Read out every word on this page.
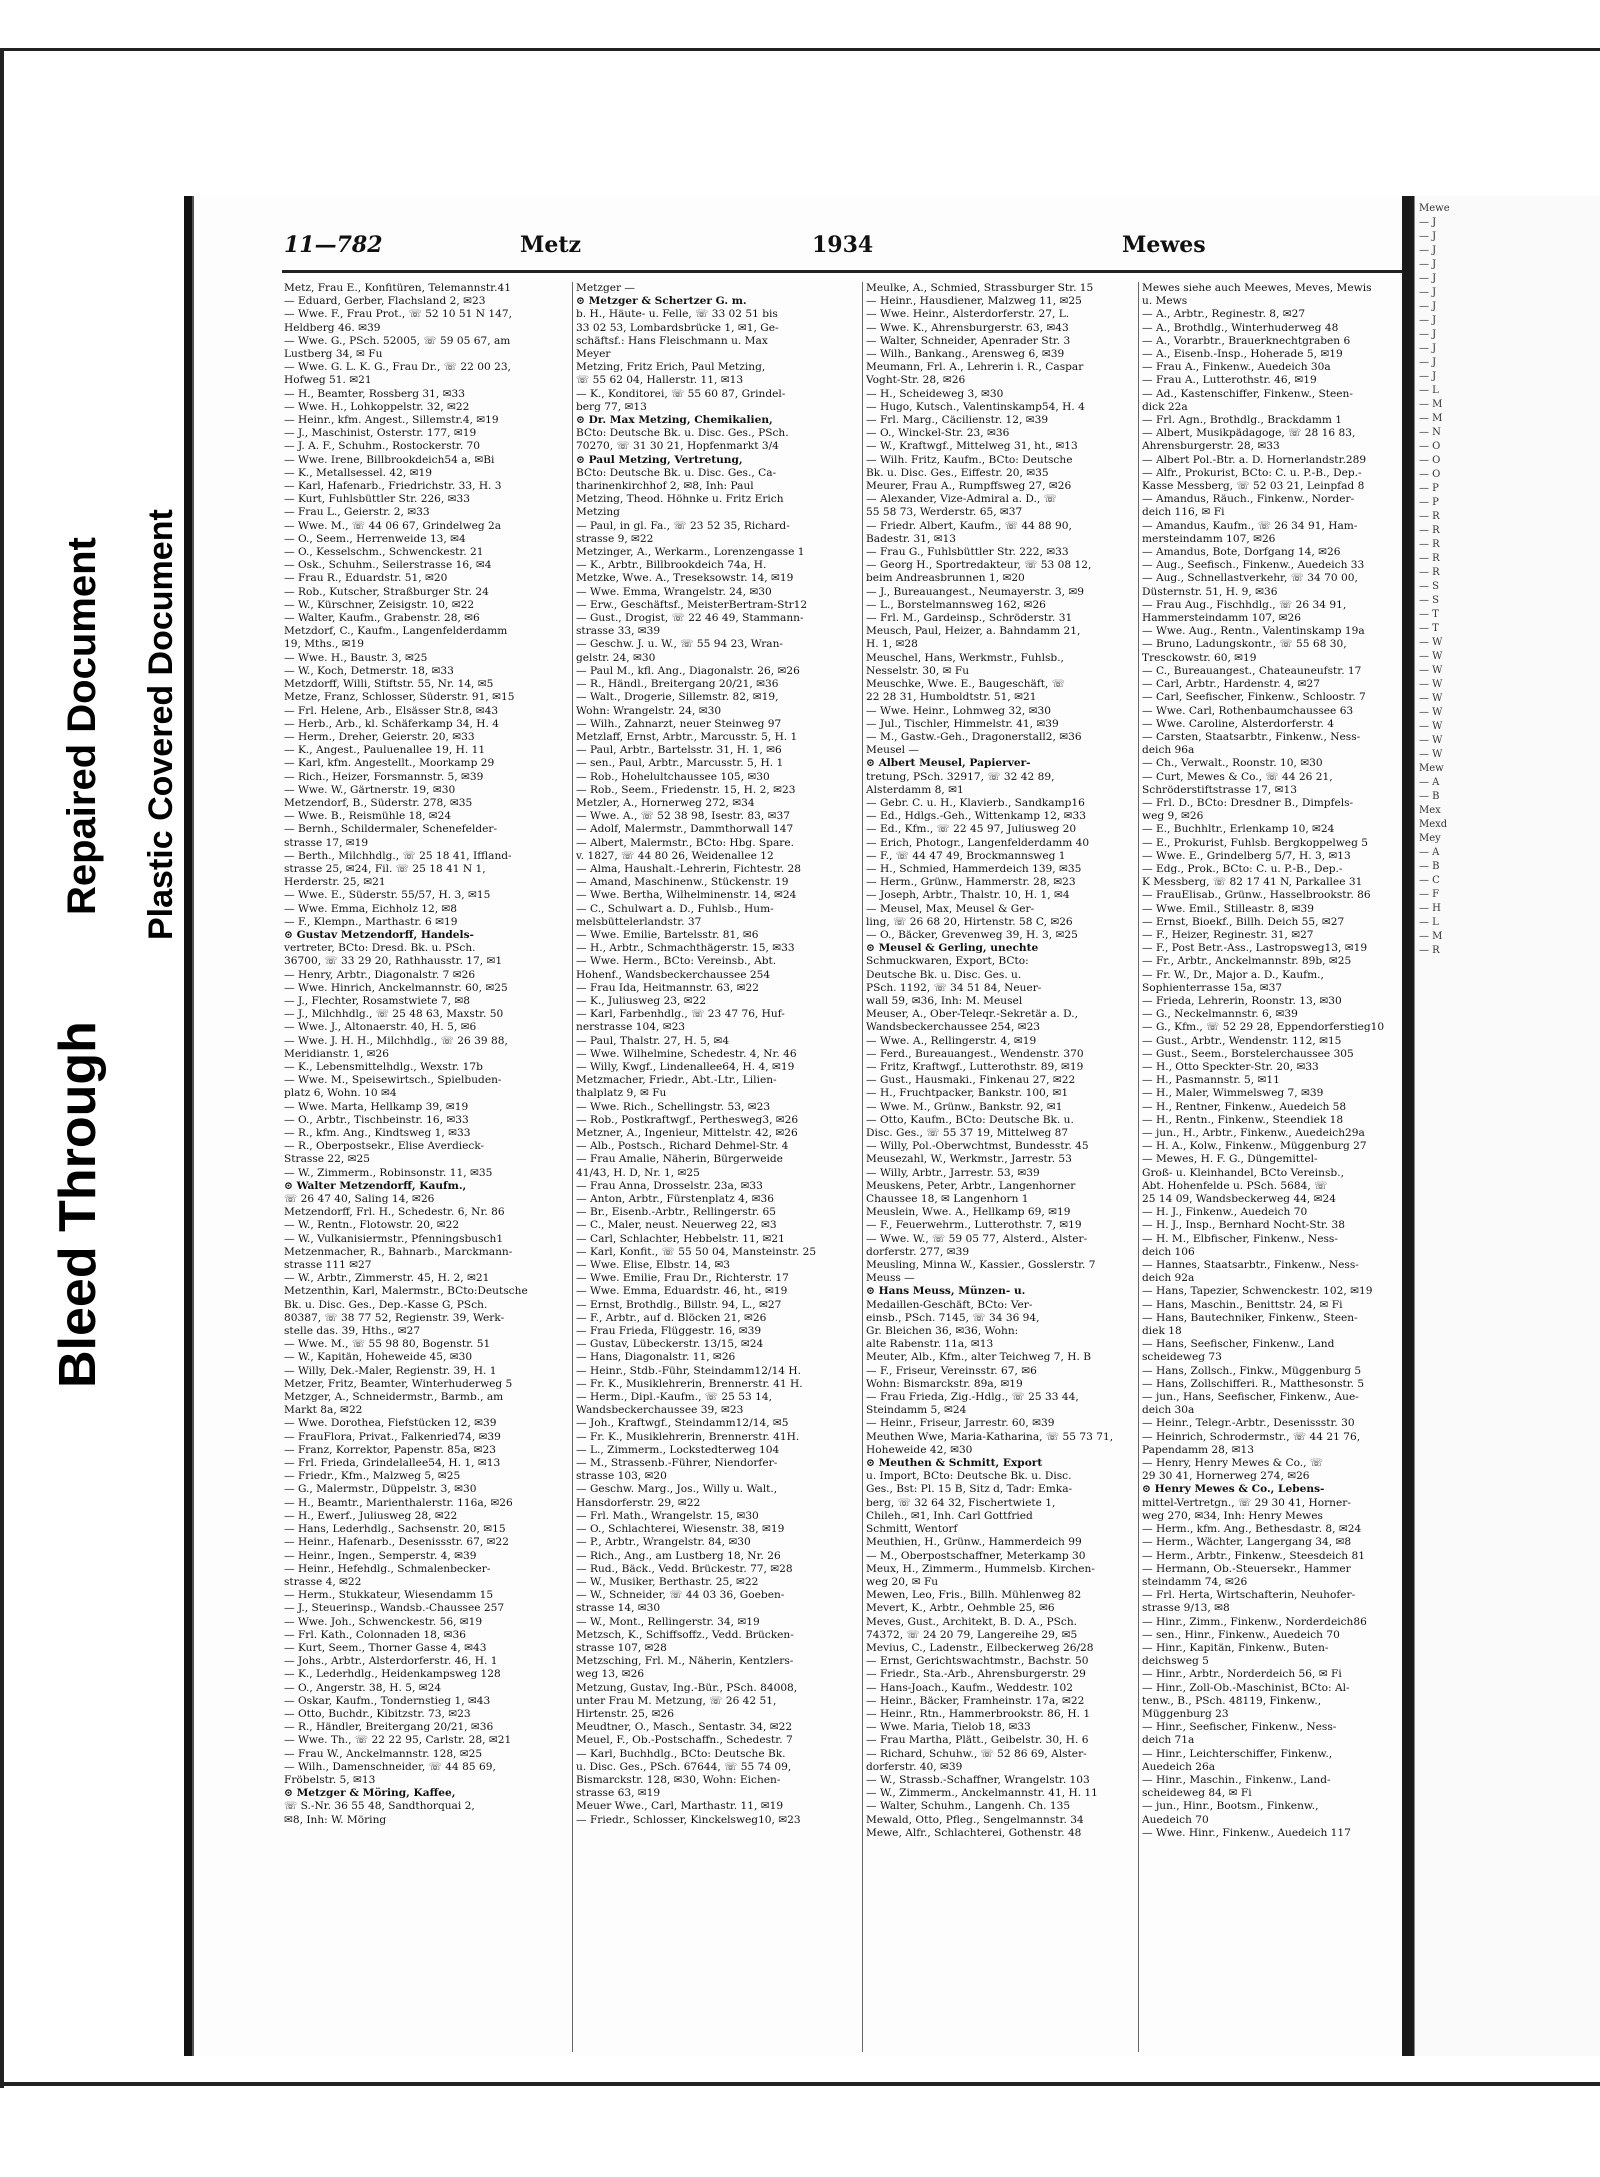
Bleed Through
Repaired Document Plastic Covered Document
11—782	Metz	1934	Mewes
Metz, Frau E., Konfitüren, Telemannstr.41
— Eduard, Gerber, Flachsland 2, ✉23
— Wwe. F., Frau Prot., ☏ 52 10 51 N 147,
Heldberg 46. ✉39
— Wwe. G., PSch. 52005, ☏ 59 05 67, am
Lustberg 34, ✉ Fu
— Wwe. G. L. K. G., Frau Dr., ☏ 22 00 23,
Hofweg 51. ✉21
— H., Beamter, Rossberg 31, ✉33
— Wwe. H., Lohkoppelstr. 32, ✉22
— Heinr., kfm. Angest., Sillemstr.4, ✉19
— J., Maschinist, Osterstr. 177, ✉19
— J. A. F., Schuhm., Rostockerstr. 70
— Wwe. Irene, Billbrookdeich54 a, ✉Bi
— K., Metallsessel. 42, ✉19
— Karl, Hafenarb., Friedrichstr. 33, H. 3
— Kurt, Fuhlsbüttler Str. 226, ✉33
— Frau L., Geierstr. 2, ✉33
— Wwe. M., ☏ 44 06 67, Grindelweg 2a
— O., Seem., Herrenweide 13, ✉4
— O., Kesselschm., Schwenckestr. 21
— Osk., Schuhm., Seilerstrasse 16, ✉4
— Frau R., Eduardstr. 51, ✉20
— Rob., Kutscher, Straßburger Str. 24
— W., Kürschner, Zeisigstr. 10, ✉22
— Walter, Kaufm., Grabenstr. 28, ✉6
Metzdorf, C., Kaufm., Langenfelderdamm
19, Mths., ✉19
— Wwe. H., Baustr. 3, ✉25
— W., Koch, Detmerstr. 18, ✉33
Metzdorff, Willi, Stiftstr. 55, Nr. 14, ✉5
Metze, Franz, Schlosser, Süderstr. 91, ✉15
— Frl. Helene, Arb., Elsässer Str.8, ✉43
— Herb., Arb., kl. Schäferkamp 34, H. 4
— Herm., Dreher, Geierstr. 20, ✉33
— K., Angest., Pauluenallee 19, H. 11
— Karl, kfm. Angestellt., Moorkamp 29
— Rich., Heizer, Forsmannstr. 5, ✉39
— Wwe. W., Gärtnerstr. 19, ✉30
Metzendorf, B., Süderstr. 278, ✉35
— Wwe. B., Reismühle 18, ✉24
— Bernh., Schildermaler, Schenefelder-
strasse 17, ✉19
— Berth., Milchhdlg., ☏ 25 18 41, Iffland-
strasse 25, ✉24, Fil. ☏ 25 18 41 N 1,
Herderstr. 25, ✉21
— Wwe. E., Süderstr. 55/57, H. 3, ✉15
— Wwe. Emma, Eichholz 12, ✉8
— F., Klempn., Marthastr. 6 ✉19
⊙ Gustav Metzendorff, Handels-
vertreter, BCto: Dresd. Bk. u. PSch.
36700, ☏ 33 29 20, Rathhausstr. 17, ✉1
— Henry, Arbtr., Diagonalstr. 7 ✉26
— Wwe. Hinrich, Anckelmannstr. 60, ✉25
— J., Flechter, Rosamstwiete 7, ✉8
— J., Milchhdlg., ☏ 25 48 63, Maxstr. 50
— Wwe. J., Altonaerstr. 40, H. 5, ✉6
— Wwe. J. H. H., Milchhdlg., ☏ 26 39 88,
Meridianstr. 1, ✉26
— K., Lebensmittelhdlg., Wexstr. 17b
— Wwe. M., Speisewirtsch., Spielbuden-
platz 6, Wohn. 10 ✉4
— Wwe. Marta, Hellkamp 39, ✉19
— O., Arbtr., Tischbeinstr. 16, ✉33
— R., kfm. Ang., Kindtsweg 1, ✉33
— R., Oberpostsekr., Elise Averdieck-
Strasse 22, ✉25
— W., Zimmerm., Robinsonstr. 11, ✉35
⊙ Walter Metzendorff, Kaufm.,
☏ 26 47 40, Saling 14, ✉26
Metzendorff, Frl. H., Schedestr. 6, Nr. 86
— W., Rentn., Flotowstr. 20, ✉22
— W., Vulkanisiermstr., Pfenningsbusch1
Metzenmacher, R., Bahnarb., Marckmann-
strasse 111 ✉27
— W., Arbtr., Zimmerstr. 45, H. 2, ✉21
Metzenthin, Karl, Malermstr., BCto:Deutsche
Bk. u. Disc. Ges., Dep.-Kasse G, PSch.
80387, ☏ 38 77 52, Regienstr. 39, Werk-
stelle das. 39, Hths., ✉27
— Wwe. M., ☏ 55 98 80, Bogenstr. 51
— W., Kapitän, Hoheweide 45, ✉30
— Willy, Dek.-Maler, Regienstr. 39, H. 1
Metzer, Fritz, Beamter, Winterhuderweg 5
Metzger, A., Schneidermstr., Barmb., am
Markt 8a, ✉22
— Wwe. Dorothea, Fiefstücken 12, ✉39
— FrauFlora, Privat., Falkenried74, ✉39
— Franz, Korrektor, Papenstr. 85a, ✉23
— Frl. Frieda, Grindelallee54, H. 1, ✉13
— Friedr., Kfm., Malzweg 5, ✉25
— G., Malermstr., Düppelstr. 3, ✉30
— H., Beamtr., Marienthalerstr. 116a, ✉26
— H., Ewerf., Juliusweg 28, ✉22
— Hans, Lederhdlg., Sachsenstr. 20, ✉15
— Heinr., Hafenarb., Desenissstr. 67, ✉22
— Heinr., Ingen., Semperstr. 4, ✉39
— Heinr., Hefehdlg., Schmalenbecker-
strasse 4, ✉22
— Herm., Stukkateur, Wiesendamm 15
— J., Steuerinsp., Wandsb.-Chaussee 257
— Wwe. Joh., Schwenckestr. 56, ✉19
— Frl. Kath., Colonnaden 18, ✉36
— Kurt, Seem., Thorner Gasse 4, ✉43
— Johs., Arbtr., Alsterdorferstr. 46, H. 1
— K., Lederhdlg., Heidenkampsweg 128
— O., Angerstr. 38, H. 5, ✉24
— Oskar, Kaufm., Tondernstieg 1, ✉43
— Otto, Buchdr., Kibitzstr. 73, ✉23
— R., Händler, Breitergang 20/21, ✉36
— Wwe. Th., ☏ 22 22 95, Carlstr. 28, ✉21
— Frau W., Anckelmannstr. 128, ✉25
— Wilh., Damenschneider, ☏ 44 85 69,
Fröbelstr. 5, ✉13
⊙ Metzger & Möring, Kaffee,
☏ S.-Nr. 36 55 48, Sandthorquai 2,
✉8, Inh: W. Möring
Metzger —
⊙ Metzger & Schertzer G. m.
b. H., Häute- u. Felle, ☏ 33 02 51 bis
33 02 53, Lombardsbrücke 1, ✉1, Ge-
schäftsf.: Hans Fleischmann u. Max
Meyer
Metzing, Fritz Erich, Paul Metzing,
☏ 55 62 04, Hallerstr. 11, ✉13
— K., Konditorei, ☏ 55 60 87, Grindel-
berg 77, ✉13
⊙ Dr. Max Metzing, Chemikalien,
BCto: Deutsche Bk. u. Disc. Ges., PSch.
70270, ☏ 31 30 21, Hopfenmarkt 3/4
⊙ Paul Metzing, Vertretung,
BCto: Deutsche Bk. u. Disc. Ges., Ca-
tharinenkirchhof 2, ✉8, Inh: Paul
Metzing, Theod. Höhnke u. Fritz Erich
Metzing
— Paul, in gl. Fa., ☏ 23 52 35, Richard-
strasse 9, ✉22
Metzinger, A., Werkarm., Lorenzengasse 1
— K., Arbtr., Billbrookdeich 74a, H.
Metzke, Wwe. A., Treseksowstr. 14, ✉19
— Wwe. Emma, Wrangelstr. 24, ✉30
— Erw., Geschäftsf., MeisterBertram-Str12
— Gust., Drogist, ☏ 22 46 49, Stammann-
strasse 33, ✉39
— Geschw. J. u. W., ☏ 55 94 23, Wran-
gelstr. 24, ✉30
— Paul M., kfl. Ang., Diagonalstr. 26, ✉26
— R., Händl., Breitergang 20/21, ✉36
— Walt., Drogerie, Sillemstr. 82, ✉19,
Wohn: Wrangelstr. 24, ✉30
— Wilh., Zahnarzt, neuer Steinweg 97
Metzlaff, Ernst, Arbtr., Marcusstr. 5, H. 1
— Paul, Arbtr., Bartelsstr. 31, H. 1, ✉6
— sen., Paul, Arbtr., Marcusstr. 5, H. 1
— Rob., Hohelultchaussee 105, ✉30
— Rob., Seem., Friedenstr. 15, H. 2, ✉23
Metzler, A., Hornerweg 272, ✉34
— Wwe. A., ☏ 52 38 98, Isestr. 83, ✉37
— Adolf, Malermstr., Dammthorwall 147
— Albert, Malermstr., BCto: Hbg. Spare.
v. 1827, ☏ 44 80 26, Weidenallee 12
— Alma, Haushalt.-Lehrerin, Fichtestr. 28
— Amand, Maschinenw., Stückenstr. 19
— Wwe. Bertha, Wilhelminenstr. 14, ✉24
— C., Schulwart a. D., Fuhlsb., Hum-
melsbüttelerlandstr. 37
— Wwe. Emilie, Bartelsstr. 81, ✉6
— H., Arbtr., Schmachthägerstr. 15, ✉33
— Wwe. Herm., BCto: Vereinsb., Abt.
Hohenf., Wandsbeckerchaussee 254
— Frau Ida, Heitmannstr. 63, ✉22
— K., Juliusweg 23, ✉22
— Karl, Farbenhdlg., ☏ 23 47 76, Huf-
nerstrasse 104, ✉23
— Paul, Thalstr. 27, H. 5, ✉4
— Wwe. Wilhelmine, Schedestr. 4, Nr. 46
— Willy, Kwgf., Lindenallee64, H. 4, ✉19
Metzmacher, Friedr., Abt.-Ltr., Lilien-
thalplatz 9, ✉ Fu
— Wwe. Rich., Schellingstr. 53, ✉23
— Rob., Postkraftwgf., Perthesweg3, ✉26
Metzner, A., Ingenieur, Mittelstr. 42, ✉26
— Alb., Postsch., Richard Dehmel-Str. 4
— Frau Amalie, Näherin, Bürgerweide
41/43, H. D, Nr. 1, ✉25
— Frau Anna, Drosselstr. 23a, ✉33
— Anton, Arbtr., Fürstenplatz 4, ✉36
— Br., Eisenb.-Arbtr., Rellingerstr. 65
— C., Maler, neust. Neuerweg 22, ✉3
— Carl, Schlachter, Hebbelstr. 11, ✉21
— Karl, Konfit., ☏ 55 50 04, Mansteinstr. 25
— Wwe. Elise, Elbstr. 14, ✉3
— Wwe. Emilie, Frau Dr., Richterstr. 17
— Wwe. Emma, Eduardstr. 46, ht., ✉19
— Ernst, Brothdlg., Billstr. 94, L., ✉27
— F., Arbtr., auf d. Blöcken 21, ✉26
— Frau Frieda, Flüggestr. 16, ✉39
— Gustav, Lübeckerstr. 13/15, ✉24
— Hans, Diagonalstr. 11, ✉26
— Heinr., Stdb.-Führ, Steindamm12/14 H.
— Fr. K., Musiklehrerin, Brennerstr. 41 H.
— Herm., Dipl.-Kaufm., ☏ 25 53 14,
Wandsbeckerchaussee 39, ✉23
— Joh., Kraftwgf., Steindamm12/14, ✉5
— Fr. K., Musiklehrerin, Brennerstr. 41H.
— L., Zimmerm., Lockstedterweg 104
— M., Strassenb.-Führer, Niendorfer-
strasse 103, ✉20
— Geschw. Marg., Jos., Willy u. Walt.,
Hansdorferstr. 29, ✉22
— Frl. Math., Wrangelstr. 15, ✉30
— O., Schlachterei, Wiesenstr. 38, ✉19
— P., Arbtr., Wrangelstr. 84, ✉30
— Rich., Ang., am Lustberg 18, Nr. 26
— Rud., Bäck., Vedd. Brückestr. 77, ✉28
— W., Musiker, Berthastr. 25, ✉22
— W., Schneider, ☏ 44 03 36, Goeben-
strasse 14, ✉30
— W., Mont., Rellingerstr. 34, ✉19
Metzsch, K., Schiffsoffz., Vedd. Brücken-
strasse 107, ✉28
Metzsching, Frl. M., Näherin, Kentzlers-
weg 13, ✉26
Metzung, Gustav, Ing.-Bür., PSch. 84008,
unter Frau M. Metzung, ☏ 26 42 51,
Hirtenstr. 25, ✉26
Meudtner, O., Masch., Sentastr. 34, ✉22
Meuel, F., Ob.-Postschaffn., Schedestr. 7
— Karl, Buchhdlg., BCto: Deutsche Bk.
u. Disc. Ges., PSch. 67644, ☏ 55 74 09,
Bismarckstr. 128, ✉30, Wohn: Eichen-
strasse 63, ✉19
Meuer Wwe., Carl, Marthastr. 11, ✉19
— Friedr., Schlosser, Kinckelsweg10, ✉23
Meulke, A., Schmied, Strassburger Str. 15
— Heinr., Hausdiener, Malzweg 11, ✉25
— Wwe. Heinr., Alsterdorferstr. 27, L.
— Wwe. K., Ahrensburgerstr. 63, ✉43
— Walter, Schneider, Apenrader Str. 3
— Wilh., Bankang., Arensweg 6, ✉39
Meumann, Frl. A., Lehrerin i. R., Caspar
Voght-Str. 28, ✉26
— H., Scheideweg 3, ✉30
— Hugo, Kutsch., Valentinskamp54, H. 4
— Frl. Marg., Cäcilienstr. 12, ✉39
— O., Winckel-Str. 23, ✉36
— W., Kraftwgf., Mittelweg 31, ht., ✉13
— Wilh. Fritz, Kaufm., BCto: Deutsche
Bk. u. Disc. Ges., Eiffestr. 20, ✉35
Meurer, Frau A., Rumpffsweg 27, ✉26
— Alexander, Vize-Admiral a. D., ☏
55 58 73, Werderstr. 65, ✉37
— Friedr. Albert, Kaufm., ☏ 44 88 90,
Badestr. 31, ✉13
— Frau G., Fuhlsbüttler Str. 222, ✉33
— Georg H., Sportredakteur, ☏ 53 08 12,
beim Andreasbrunnen 1, ✉20
— J., Bureauangest., Neumayerstr. 3, ✉9
— L., Borstelmannsweg 162, ✉26
— Frl. M., Gardeinsp., Schröderstr. 31
Meusch, Paul, Heizer, a. Bahndamm 21,
H. 1, ✉28
Meuschel, Hans, Werkmstr., Fuhlsb.,
Nesselstr. 30, ✉ Fu
Meuschke, Wwe. E., Baugeschäft, ☏
22 28 31, Humboldtstr. 51, ✉21
— Wwe. Heinr., Lohmweg 32, ✉30
— Jul., Tischler, Himmelstr. 41, ✉39
— M., Gastw.-Geh., Dragonerstall2, ✉36
Meusel —
⊙ Albert Meusel, Papierver-
tretung, PSch. 32917, ☏ 32 42 89,
Alsterdamm 8, ✉1
— Gebr. C. u. H., Klavierb., Sandkamp16
— Ed., Hdlgs.-Geh., Wittenkamp 12, ✉33
— Ed., Kfm., ☏ 22 45 97, Juliusweg 20
— Erich, Photogr., Langenfelderdamm 40
— F., ☏ 44 47 49, Brockmannsweg 1
— H., Schmied, Hammerdeich 139, ✉35
— Herm., Grünw., Hammerstr. 28, ✉23
— Joseph, Arbtr., Thalstr. 10, H. 1, ✉4
— Meusel, Max, Meusel & Ger-
ling, ☏ 26 68 20, Hirtenstr. 58 C, ✉26
— O., Bäcker, Grevenweg 39, H. 3, ✉25
⊙ Meusel & Gerling, unechte
Schmuckwaren, Export, BCto:
Deutsche Bk. u. Disc. Ges. u.
PSch. 1192, ☏ 34 51 84, Neuer-
wall 59, ✉36, Inh: M. Meusel
Meuser, A., Ober-Teleqr.-Sekretär a. D.,
Wandsbeckerchaussee 254, ✉23
— Wwe. A., Rellingerstr. 4, ✉19
— Ferd., Bureauangest., Wendenstr. 370
— Fritz, Kraftwgf., Lutterothstr. 89, ✉19
— Gust., Hausmaki., Finkenau 27, ✉22
— H., Fruchtpacker, Bankstr. 100, ✉1
— Wwe. M., Grünw., Bankstr. 92, ✉1
— Otto, Kaufm., BCto: Deutsche Bk. u.
Disc. Ges., ☏ 55 37 19, Mittelweg 87
— Willy, Pol.-Oberwchtmst, Bundesstr. 45
Meusezahl, W., Werkmstr., Jarrestr. 53
— Willy, Arbtr., Jarrestr. 53, ✉39
Meuskens, Peter, Arbtr., Langenhorner
Chaussee 18, ✉ Langenhorn 1
Meuslein, Wwe. A., Hellkamp 69, ✉19
— F., Feuerwehrm., Lutterothstr. 7, ✉19
— Wwe. W., ☏ 59 05 77, Alsterd., Alster-
dorferstr. 277, ✉39
Meusling, Minna W., Kassier., Gosslerstr. 7
Meuss —
⊙ Hans Meuss, Münzen- u.
Medaillen-Geschäft, BCto: Ver-
einsb., PSch. 7145, ☏ 34 36 94,
Gr. Bleichen 36, ✉36, Wohn:
alte Rabenstr. 11a, ✉13
Meuter, Alb., Kfm., alter Teichweg 7, H. B
— F., Friseur, Vereinsstr. 67, ✉6
Wohn: Bismarckstr. 89a, ✉19
— Frau Frieda, Zig.-Hdlg., ☏ 25 33 44,
Steindamm 5, ✉24
— Heinr., Friseur, Jarrestr. 60, ✉39
Meuthen Wwe, Maria-Katharina, ☏ 55 73 71,
Hoheweide 42, ✉30
⊙ Meuthen & Schmitt, Export
u. Import, BCto: Deutsche Bk. u. Disc.
Ges., Bst: Pl. 15 B, Sitz d, Tadr: Emka-
berg, ☏ 32 64 32, Fischertwiete 1,
Chileh., ✉1, Inh. Carl Gottfried
Schmitt, Wentorf
Meuthien, H., Grünw., Hammerdeich 99
— M., Oberpostschaffner, Meterkamp 30
Meux, H., Zimmerm., Hummelsb. Kirchen-
weg 20, ✉ Fu
Mewen, Leo, Fris., Billh. Mühlenweg 82
Mevert, K., Arbtr., Oehmble 25, ✉6
Meves, Gust., Architekt, B. D. A., PSch.
74372, ☏ 24 20 79, Langereihe 29, ✉5
Mevius, C., Ladenstr., Eilbeckerweg 26/28
— Ernst, Gerichtswachtmstr., Bachstr. 50
— Friedr., Sta.-Arb., Ahrensburgerstr. 29
— Hans-Joach., Kaufm., Weddestr. 102
— Heinr., Bäcker, Framheinstr. 17a, ✉22
— Heinr., Rtn., Hammerbrookstr. 86, H. 1
— Wwe. Maria, Tielob 18, ✉33
— Frau Martha, Plätt., Geibelstr. 30, H. 6
— Richard, Schuhw., ☏ 52 86 69, Alster-
dorferstr. 40, ✉39
— W., Strassb.-Schaffner, Wrangelstr. 103
— W., Zimmerm., Anckelmannstr. 41, H. 11
— Walter, Schuhm., Langenh. Ch. 135
Mewald, Otto, Pfleg., Sengelmannstr. 34
Mewe, Alfr., Schlachterei, Gothenstr. 48
Mewes siehe auch Meewes, Meves, Mewis
u. Mews
— A., Arbtr., Reginestr. 8, ✉27
— A., Brothdlg., Winterhuderweg 48
— A., Vorarbtr., Brauerknechtgraben 6
— A., Eisenb.-Insp., Hoherade 5, ✉19
— Frau A., Finkenw., Auedeich 30a
— Frau A., Lutterothstr. 46, ✉19
— Ad., Kastenschiffer, Finkenw., Steen-
dick 22a
— Frl. Agn., Brothdlg., Brackdamm 1
— Albert, Musikpädagoge, ☏ 28 16 83,
Ahrensburgerstr. 28, ✉33
— Albert Pol.-Btr. a. D. Hornerlandstr.289
— Alfr., Prokurist, BCto: C. u. P.-B., Dep.-
Kasse Messberg, ☏ 52 03 21, Leinpfad 8
— Amandus, Räuch., Finkenw., Norder-
deich 116, ✉ Fi
— Amandus, Kaufm., ☏ 26 34 91, Ham-
mersteindamm 107, ✉26
— Amandus, Bote, Dorfgang 14, ✉26
— Aug., Seefisch., Finkenw., Auedeich 33
— Aug., Schnellastverkehr, ☏ 34 70 00,
Düsternstr. 51, H. 9, ✉36
— Frau Aug., Fischhdlg., ☏ 26 34 91,
Hammersteindamm 107, ✉26
— Wwe. Aug., Rentn., Valentinskamp 19a
— Bruno, Ladungskontr., ☏ 55 68 30,
Tresckowstr. 60, ✉19
— C., Bureauangest., Chateauneufstr. 17
— Carl, Arbtr., Hardenstr. 4, ✉27
— Carl, Seefischer, Finkenw., Schloostr. 7
— Wwe. Carl, Rothenbaumchaussee 63
— Wwe. Caroline, Alsterdorferstr. 4
— Carsten, Staatsarbtr., Finkenw., Ness-
deich 96a
— Ch., Verwalt., Roonstr. 10, ✉30
— Curt, Mewes & Co., ☏ 44 26 21,
Schröderstiftstrasse 17, ✉13
— Frl. D., BCto: Dresdner B., Dimpfels-
weg 9, ✉26
— E., Buchhltr., Erlenkamp 10, ✉24
— E., Prokurist, Fuhlsb. Bergkoppelweg 5
— Wwe. E., Grindelberg 5/7, H. 3, ✉13
— Edg., Prok., BCto: C. u. P.-B., Dep.-
K Messberg, ☏ 82 17 41 N, Parkallee 31
— FrauElisab., Grünw., Hasselbrookstr. 86
— Wwe. Emil., Stilleastr. 8, ✉39
— Ernst, Bioekf., Billh. Deich 55, ✉27
— F., Heizer, Reginestr. 31, ✉27
— F., Post Betr.-Ass., Lastropsweg13, ✉19
— Fr., Arbtr., Anckelmannstr. 89b, ✉25
— Fr. W., Dr., Major a. D., Kaufm.,
Sophienterrasse 15a, ✉37
— Frieda, Lehrerin, Roonstr. 13, ✉30
— G., Neckelmannstr. 6, ✉39
— G., Kfm., ☏ 52 29 28, Eppendorferstieg10
— Gust., Arbtr., Wendenstr. 112, ✉15
— Gust., Seem., Borstelerchaussee 305
— H., Otto Speckter-Str. 20, ✉33
— H., Pasmannstr. 5, ✉11
— H., Maler, Wimmelsweg 7, ✉39
— H., Rentner, Finkenw., Auedeich 58
— H., Rentn., Finkenw., Steendiek 18
— jun., H., Arbtr., Finkenw., Auedeich29a
— H. A., Kolw., Finkenw., Müggenburg 27
— Mewes, H. F. G., Düngemittel-
Groß- u. Kleinhandel, BCto Vereinsb.,
Abt. Hohenfelde u. PSch. 5684, ☏
25 14 09, Wandsbeckerweg 44, ✉24
— H. J., Finkenw., Auedeich 70
— H. J., Insp., Bernhard Nocht-Str. 38
— H. M., Elbfischer, Finkenw., Ness-
deich 106
— Hannes, Staatsarbtr., Finkenw., Ness-
deich 92a
— Hans, Tapezier, Schwenckestr. 102, ✉19
— Hans, Maschin., Benittstr. 24, ✉ Fi
— Hans, Bautechniker, Finkenw., Steen-
diek 18
— Hans, Seefischer, Finkenw., Land
scheideweg 73
— Hans, Zollsch., Finkw., Müggenburg 5
— Hans, Zollschifferi. R., Matthesonstr. 5
— jun., Hans, Seefischer, Finkenw., Aue-
deich 30a
— Heinr., Telegr.-Arbtr., Desenissstr. 30
— Heinrich, Schrodermstr., ☏ 44 21 76,
Papendamm 28, ✉13
— Henry, Henry Mewes & Co., ☏
29 30 41, Hornerweg 274, ✉26
⊙ Henry Mewes & Co., Lebens-
mittel-Vertretgn., ☏ 29 30 41, Horner-
weg 270, ✉34, Inh: Henry Mewes
— Herm., kfm. Ang., Bethesdastr. 8, ✉24
— Herm., Wächter, Langergang 34, ✉8
— Herm., Arbtr., Finkenw., Steesdeich 81
— Hermann, Ob.-Steuersekr., Hammer
steindamm 74, ✉26
— Frl. Herta, Wirtschafterin, Neuhofer-
strasse 9/13, ✉8
— Hinr., Zimm., Finkenw., Norderdeich86
— sen., Hinr., Finkenw., Auedeich 70
— Hinr., Kapitän, Finkenw., Buten-
deichsweg 5
— Hinr., Arbtr., Norderdeich 56, ✉ Fi
— Hinr., Zoll-Ob.-Maschinist, BCto: Al-
tenw., B., PSch. 48119, Finkenw.,
Müggenburg 23
— Hinr., Seefischer, Finkenw., Ness-
deich 71a
— Hinr., Leichterschiffer, Finkenw.,
Auedeich 26a
— Hinr., Maschin., Finkenw., Land-
scheideweg 84, ✉ Fi
— jun., Hinr., Bootsm., Finkenw.,
Auedeich 70
— Wwe. Hinr., Finkenw., Auedeich 117
Mewe
— J
— J
— J
— J
— J
— J
— J
— J
— J
— J
— J
— J
— L
— M
— M
— N
— O
— O
— O
— P
— P
— R
— R
— R
— R
— R
— S
— S
— T
— T
— W
— W
— W
— W
— W
— W
— W
— W
— W
Mew
— A
— B
Mex
Mexd
Mey
— A
— B
— C
— F
— H
— L
— M
— R
